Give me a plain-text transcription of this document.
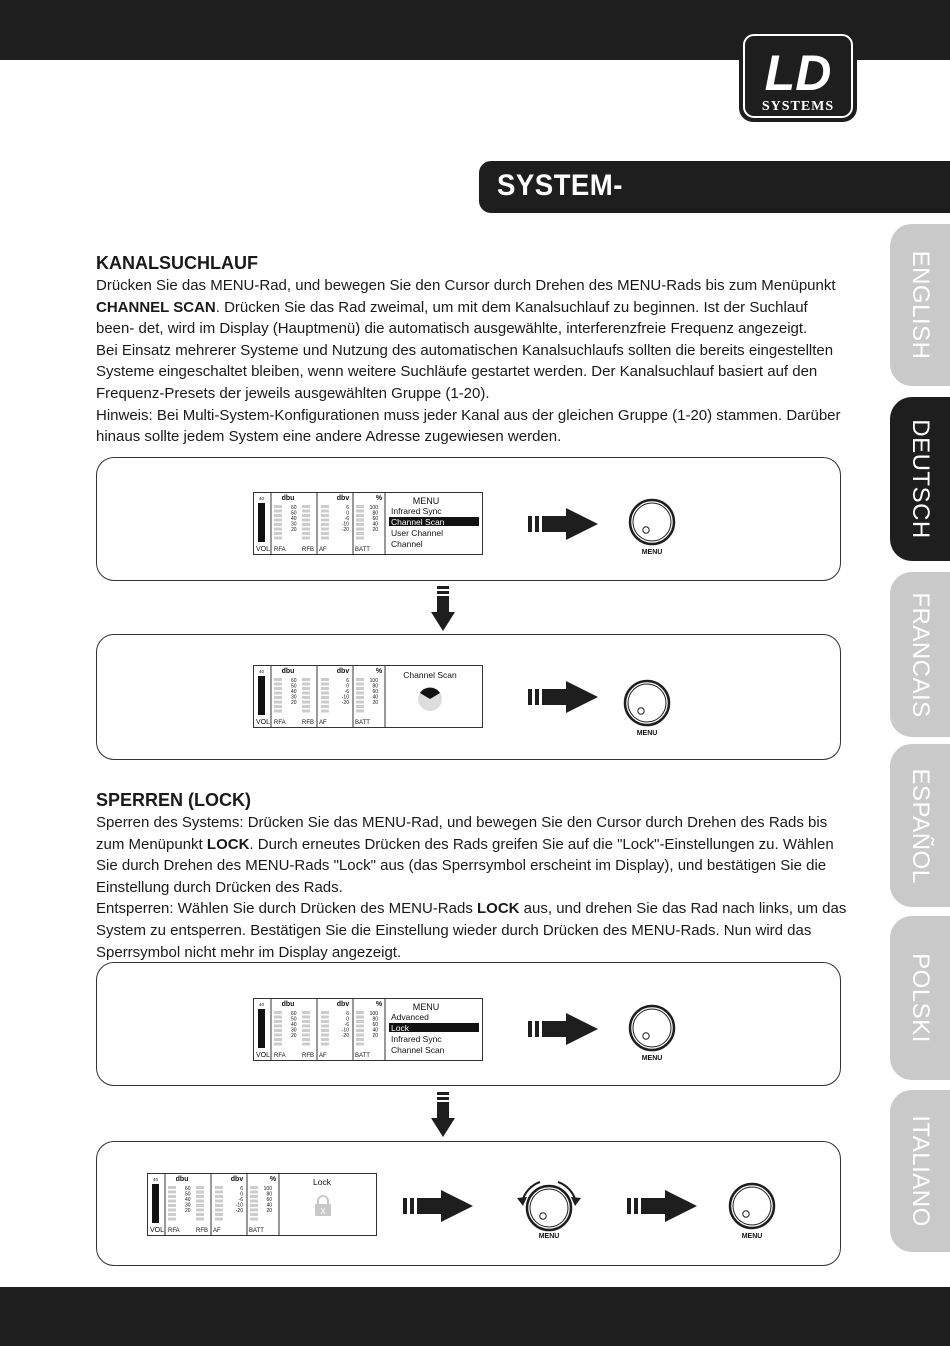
LD
SYSTEMS
SYSTEM-
ENGLISH
DEUTSCH
FRANCAIS
ESPAÑOL
POLSKI
ITALIANO
KANALSUCHLAUF

Drücken Sie das MENU-Rad, und bewegen Sie den Cursor durch Drehen des MENU-Rads bis zum Menüpunkt CHANNEL SCAN. Drücken Sie das Rad zweimal, um mit dem Kanalsuchlauf zu beginnen. Ist der Suchlauf been- det, wird im Display (Hauptmenü) die automatisch ausgewählte, interferenzfreie Frequenz angezeigt.

Bei Einsatz mehrerer Systeme und Nutzung des automatischen Kanalsuchlaufs sollten die bereits eingestellten Systeme eingeschaltet bleiben, wenn weitere Suchläufe gestartet werden. Der Kanalsuchlauf basiert auf den Frequenz-Presets der jeweils ausgewählten Gruppe (1-20).

Hinweis: Bei Multi-System-Konfigurationen muss jeder Kanal aus der gleichen Gruppe (1-20) stammen. Darüber hinaus sollte jedem System eine andere Adresse zugewiesen werden.

SPERREN (LOCK)

Sperren des Systems: Drücken Sie das MENU-Rad, und bewegen Sie den Cursor durch Drehen des Rads bis zum Menüpunkt LOCK. Durch erneutes Drücken des Rads greifen Sie auf die "Lock"-Einstellungen zu. Wählen Sie durch Drehen des MENU-Rads "Lock" aus (das Sperrsymbol erscheint im Display), und bestätigen Sie die Einstellung durch Drücken des Rads.

Entsperren: Wählen Sie durch Drücken des MENU-Rads LOCK aus, und drehen Sie das Rad nach links, um das System zu entsperren. Bestätigen Sie die Einstellung wieder durch Drücken des MENU-Rads. Nun wird das Sperrsymbol nicht mehr im Display angezeigt.

40
VOL
dbu
60
50
40
30
20
RFA	RFB
dbv
6
0
-6
-10
-20
AF
%
100
80
60
40
20
BATT
MENU
Infrared Sync
Channel Scan
User Channel
Channel
40
VOL
dbu
60
50
40
30
20
RFA	RFB
dbv
6
0
-6
-10
-20
AF
%
100
80
60
40
20
BATT
Channel Scan
40
VOL
dbu
60
50
40
30
20
RFA	RFB
dbv
6
0
-6
-10
-20
AF
%
100
80
60
40
20
BATT
MENU
Advanced
Lock
Infrared Sync
Channel Scan
40
VOL
dbu
60
50
40
30
20
RFA	RFB
dbv
6
0
-6
-10
-20
AF
%
100
80
60
40
20
BATT
Lock
X
MENU
MENU
MENU
MENU	MENU
